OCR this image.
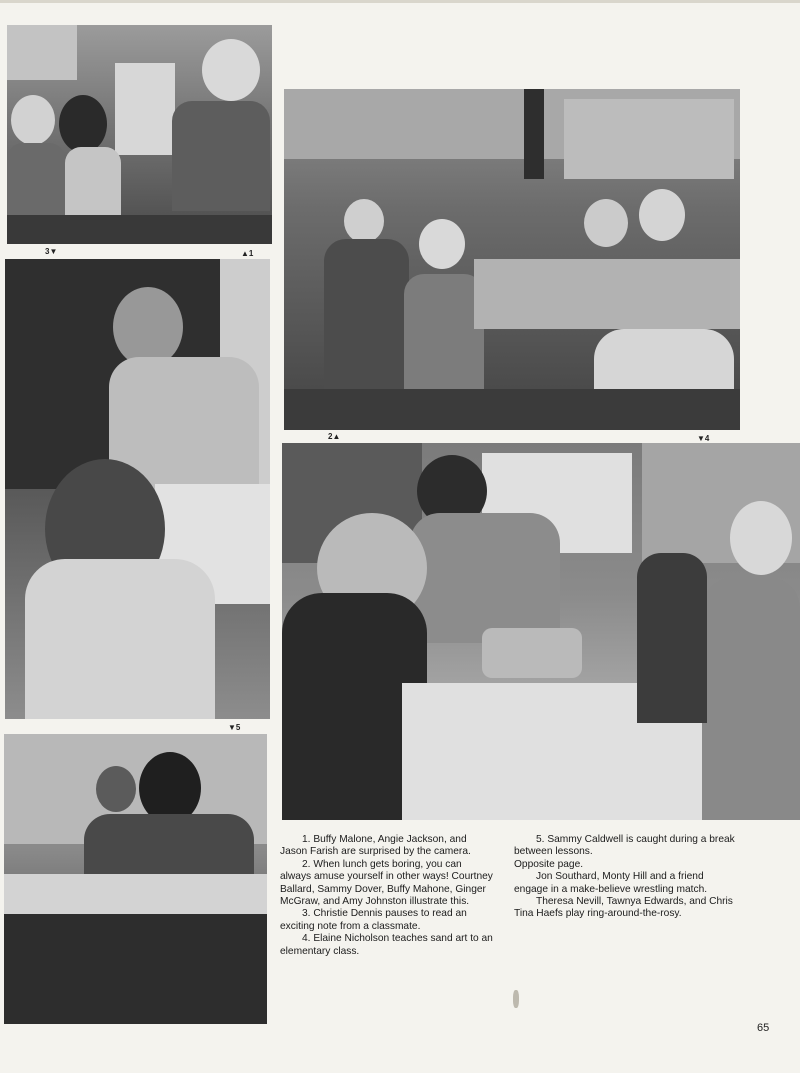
3▼	▲1
2▲	▼4
▼5

1. Buffy Malone, Angie Jackson, and Jason Farish are surprised by the camera.

2. When lunch gets boring, you can always amuse yourself in other ways! Courtney Ballard, Sammy Dover, Buffy Mahone, Ginger McGraw, and Amy Johnston illustrate this.

3. Christie Dennis pauses to read an exciting note from a classmate.

4. Elaine Nicholson teaches sand art to an elementary class.

5. Sammy Caldwell is caught during a break between lessons.

Opposite page.

Jon Southard, Monty Hill and a friend engage in a make-believe wrestling match.

Theresa Nevill, Tawnya Edwards, and Chris Tina Haefs play ring-around-the-rosy.

65
